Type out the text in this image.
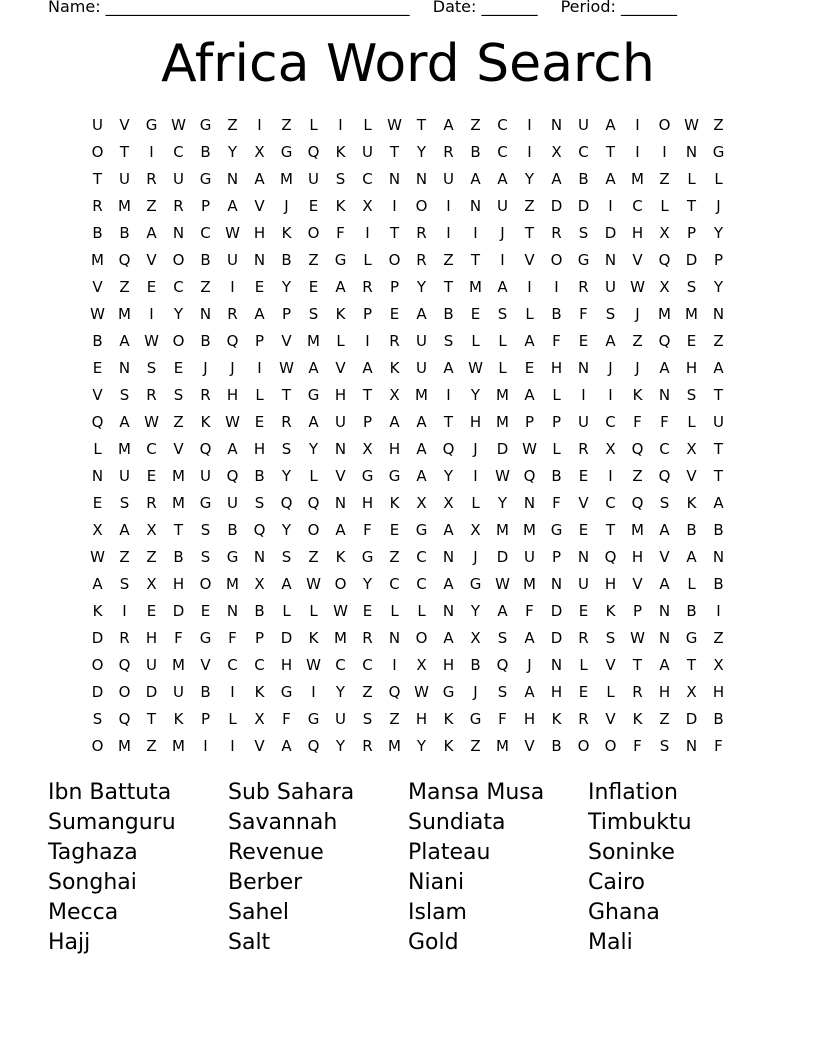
Name: ______________________________________ Date: _______ Period: _______
Africa Word Search
U	V	G W G	Z	I	Z	L	I	L	W T	A	Z	C	I	N	U	A	I	O W Z
O	T	I	C	B	Y	X	G	Q	K	U	T	Y	R	B	C	I	X	C	T	I	I	N	G
T	U	R	U	G	N	A	M	U	S	C	N	N	U	A	A	Y	A	B	A	M	Z	L	L
R	M	Z	R	P	A	V	J	E	K	X	I	O	I	N	U	Z	D	D	I	C	L	T	J
B	B	A	N	C W H	K	O	F	I	T	R	I	I	J	T	R	S	D	H	X	P	Y
M Q	V	O	B	U	N	B	Z	G	L	O	R	Z	T	I	V	O	G	N	V	Q	D	P
V	Z	E	C	Z	I	E	Y	E	A	R	P	Y	T	M	A	I	I	R	U W X	S	Y
W M	I	Y	N	R	A	P	S	K	P	E	A	B	E	S	L	B	F	S	J	M M N
B	A W O	B	Q	P	V	M	L	I	R	U	S	L	L	A	F	E	A	Z	Q	E	Z
E	N	S	E	J	J	I	W A	V	A	K	U	A W	L	E	H	N	J	J	A	H	A
V	S	R	S	R	H	L	T	G	H	T	X	M	I	Y	M	A	L	I	I	K	N	S	T
Q	A W Z	K W E	R	A	U	P	A	A	T	H M	P	P	U	C	F	F	L	U
L	M	C	V	Q	A	H	S	Y	N	X	H	A	Q	J	D W	L	R	X	Q	C	X	T
N	U	E	M	U	Q	B	Y	L	V	G	G	A	Y	I	W Q	B	E	I	Z	Q	V	T
E	S	R	M G	U	S	Q	Q	N	H	K	X	X	L	Y	N	F	V	C	Q	S	K	A
X	A	X	T	S	B	Q	Y	O	A	F	E	G	A	X	M M G	E	T	M	A	B	B
W Z	Z	B	S	G	N	S	Z	K	G	Z	C	N	J	D	U	P	N	Q	H	V	A	N
A	S	X	H	O M	X	A W O	Y	C	C	A	G W M N	U	H	V	A	L	B
K	I	E	D	E	N	B	L	L	W E	L	L	N	Y	A	F	D	E	K	P	N	B	I
D	R	H	F	G	F	P	D	K	M	R	N	O	A	X	S	A	D	R	S W N	G	Z
O	Q	U	M	V	C	C	H W C	C	I	X	H	B	Q	J	N	L	V	T	A	T	X
D	O	D	U	B	I	K	G	I	Y	Z	Q W G	J	S	A	H	E	L	R	H	X	H
S	Q	T	K	P	L	X	F	G	U	S	Z	H	K	G	F	H	K	R	V	K	Z	D	B
O M	Z	M	I	I	V	A	Q	Y	R	M	Y	K	Z	M	V	B	O	O	F	S	N	F
Ibn Battuta	Sub Sahara	Mansa Musa	Inflation
Sumanguru	Savannah	Sundiata	Timbuktu
Taghaza	Revenue	Plateau	Soninke
Songhai	Berber	Niani	Cairo
Mecca	Sahel	Islam	Ghana
Hajj	Salt	Gold	Mali
